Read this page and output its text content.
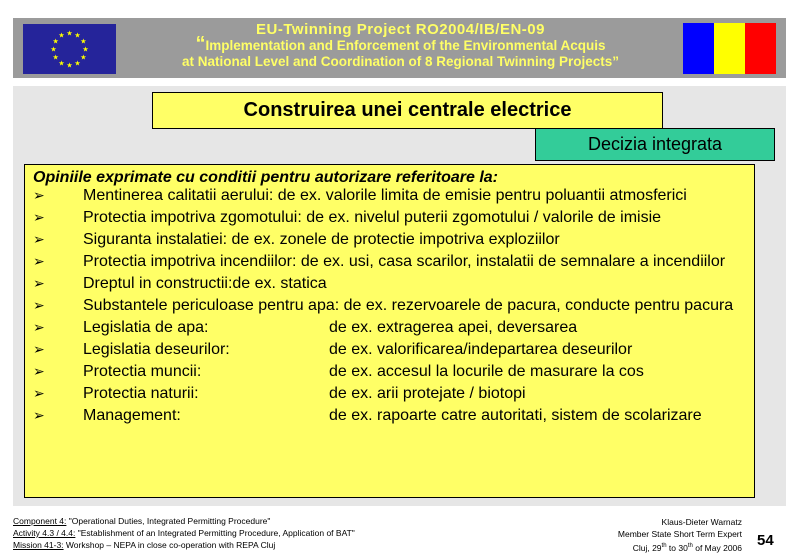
★ ★
★
★
★
★
★
★
★
★
★
★	EU-Twinning Project RO2004/IB/EN-09
“Implementation and Enforcement of the Environmental Acquis
at National Level and Coordination of 8 Regional Twinning Projects”
Construirea unei centrale electrice
Decizia integrata
Opiniile exprimate cu conditii pentru autorizare referitoare la:
➢ Mentinerea calitatii aerului: de ex. valorile limita de emisie pentru poluantii atmosferici
➢ Protectia impotriva zgomotului: de ex. nivelul puterii zgomotului / valorile de imisie
➢ Siguranta instalatiei: de ex. zonele de protectie impotriva exploziilor
➢ Protectia impotriva incendiilor: de ex. usi, casa scarilor, instalatii de semnalare a incendiilor
➢ Dreptul in constructii:de ex. statica
➢ Substantele periculoase pentru apa: de ex. rezervoarele de pacura, conducte pentru pacura
➢ Legislatia de apa:	de ex. extragerea apei, deversarea
➢ Legislatia deseurilor:	de ex. valorificarea/indepartarea deseurilor
➢ Protectia muncii:	de ex. accesul la locurile de masurare la cos
➢ Protectia naturii:	de ex. arii protejate / biotopi
➢ Management:	de ex. rapoarte catre autoritati, sistem de scolarizare
Component 4: "Operational Duties, Integrated Permitting Procedure"
Activity 4.3 / 4.4: "Establishment of an Integrated Permitting Procedure, Application of BAT"
Mission 41-3: Workshop – NEPA in close co-operation with REPA Cluj
Klaus-Dieter Warnatz
Member State Short Term Expert
Cluj, 29th to 30th of May 2006 54
